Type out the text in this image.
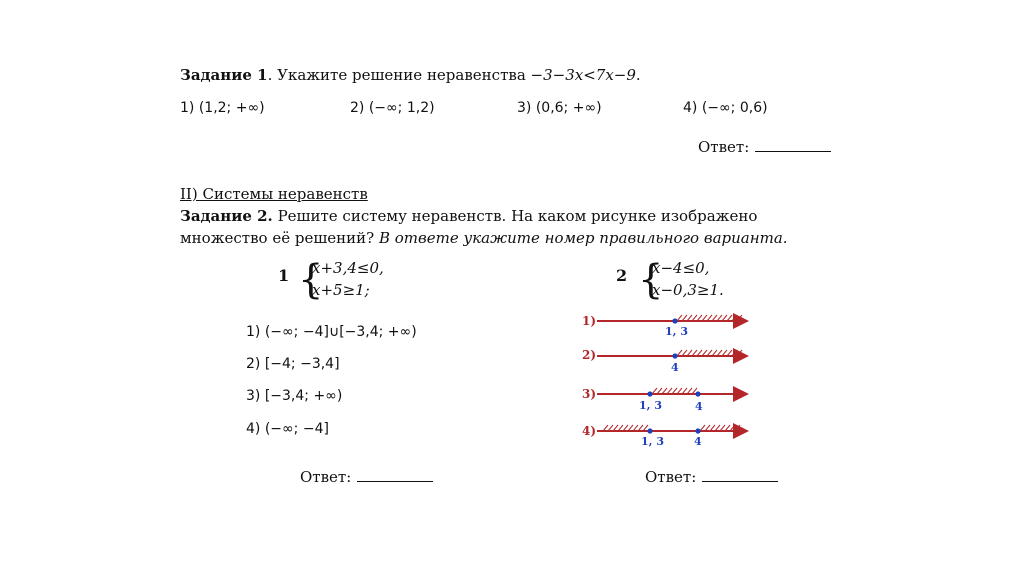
Задание 1. Укажите решение неравенства −3−3x<7x−9.
1) (1,2; +∞)	2) (−∞; 1,2)	3) (0,6; +∞)	4) (−∞; 0,6)
Ответ:
II) Системы неравенств
Задание 2. Решите систему неравенств. На каком рисунке изображено
множество её решений? В ответе укажите номер правильного варианта.
1 {
x+3,4≤0,
x+5≥1;
2 {
x−4≤0,
x−0,3≥1.
1) (−∞; −4]∪[−3,4; +∞)
2) [−4; −3,4]
3) [−3,4; +∞)
4) (−∞; −4]
Ответ:	Ответ:
1)
1, 3
2)
4
3)
1, 3	4
4)
1, 3	4
